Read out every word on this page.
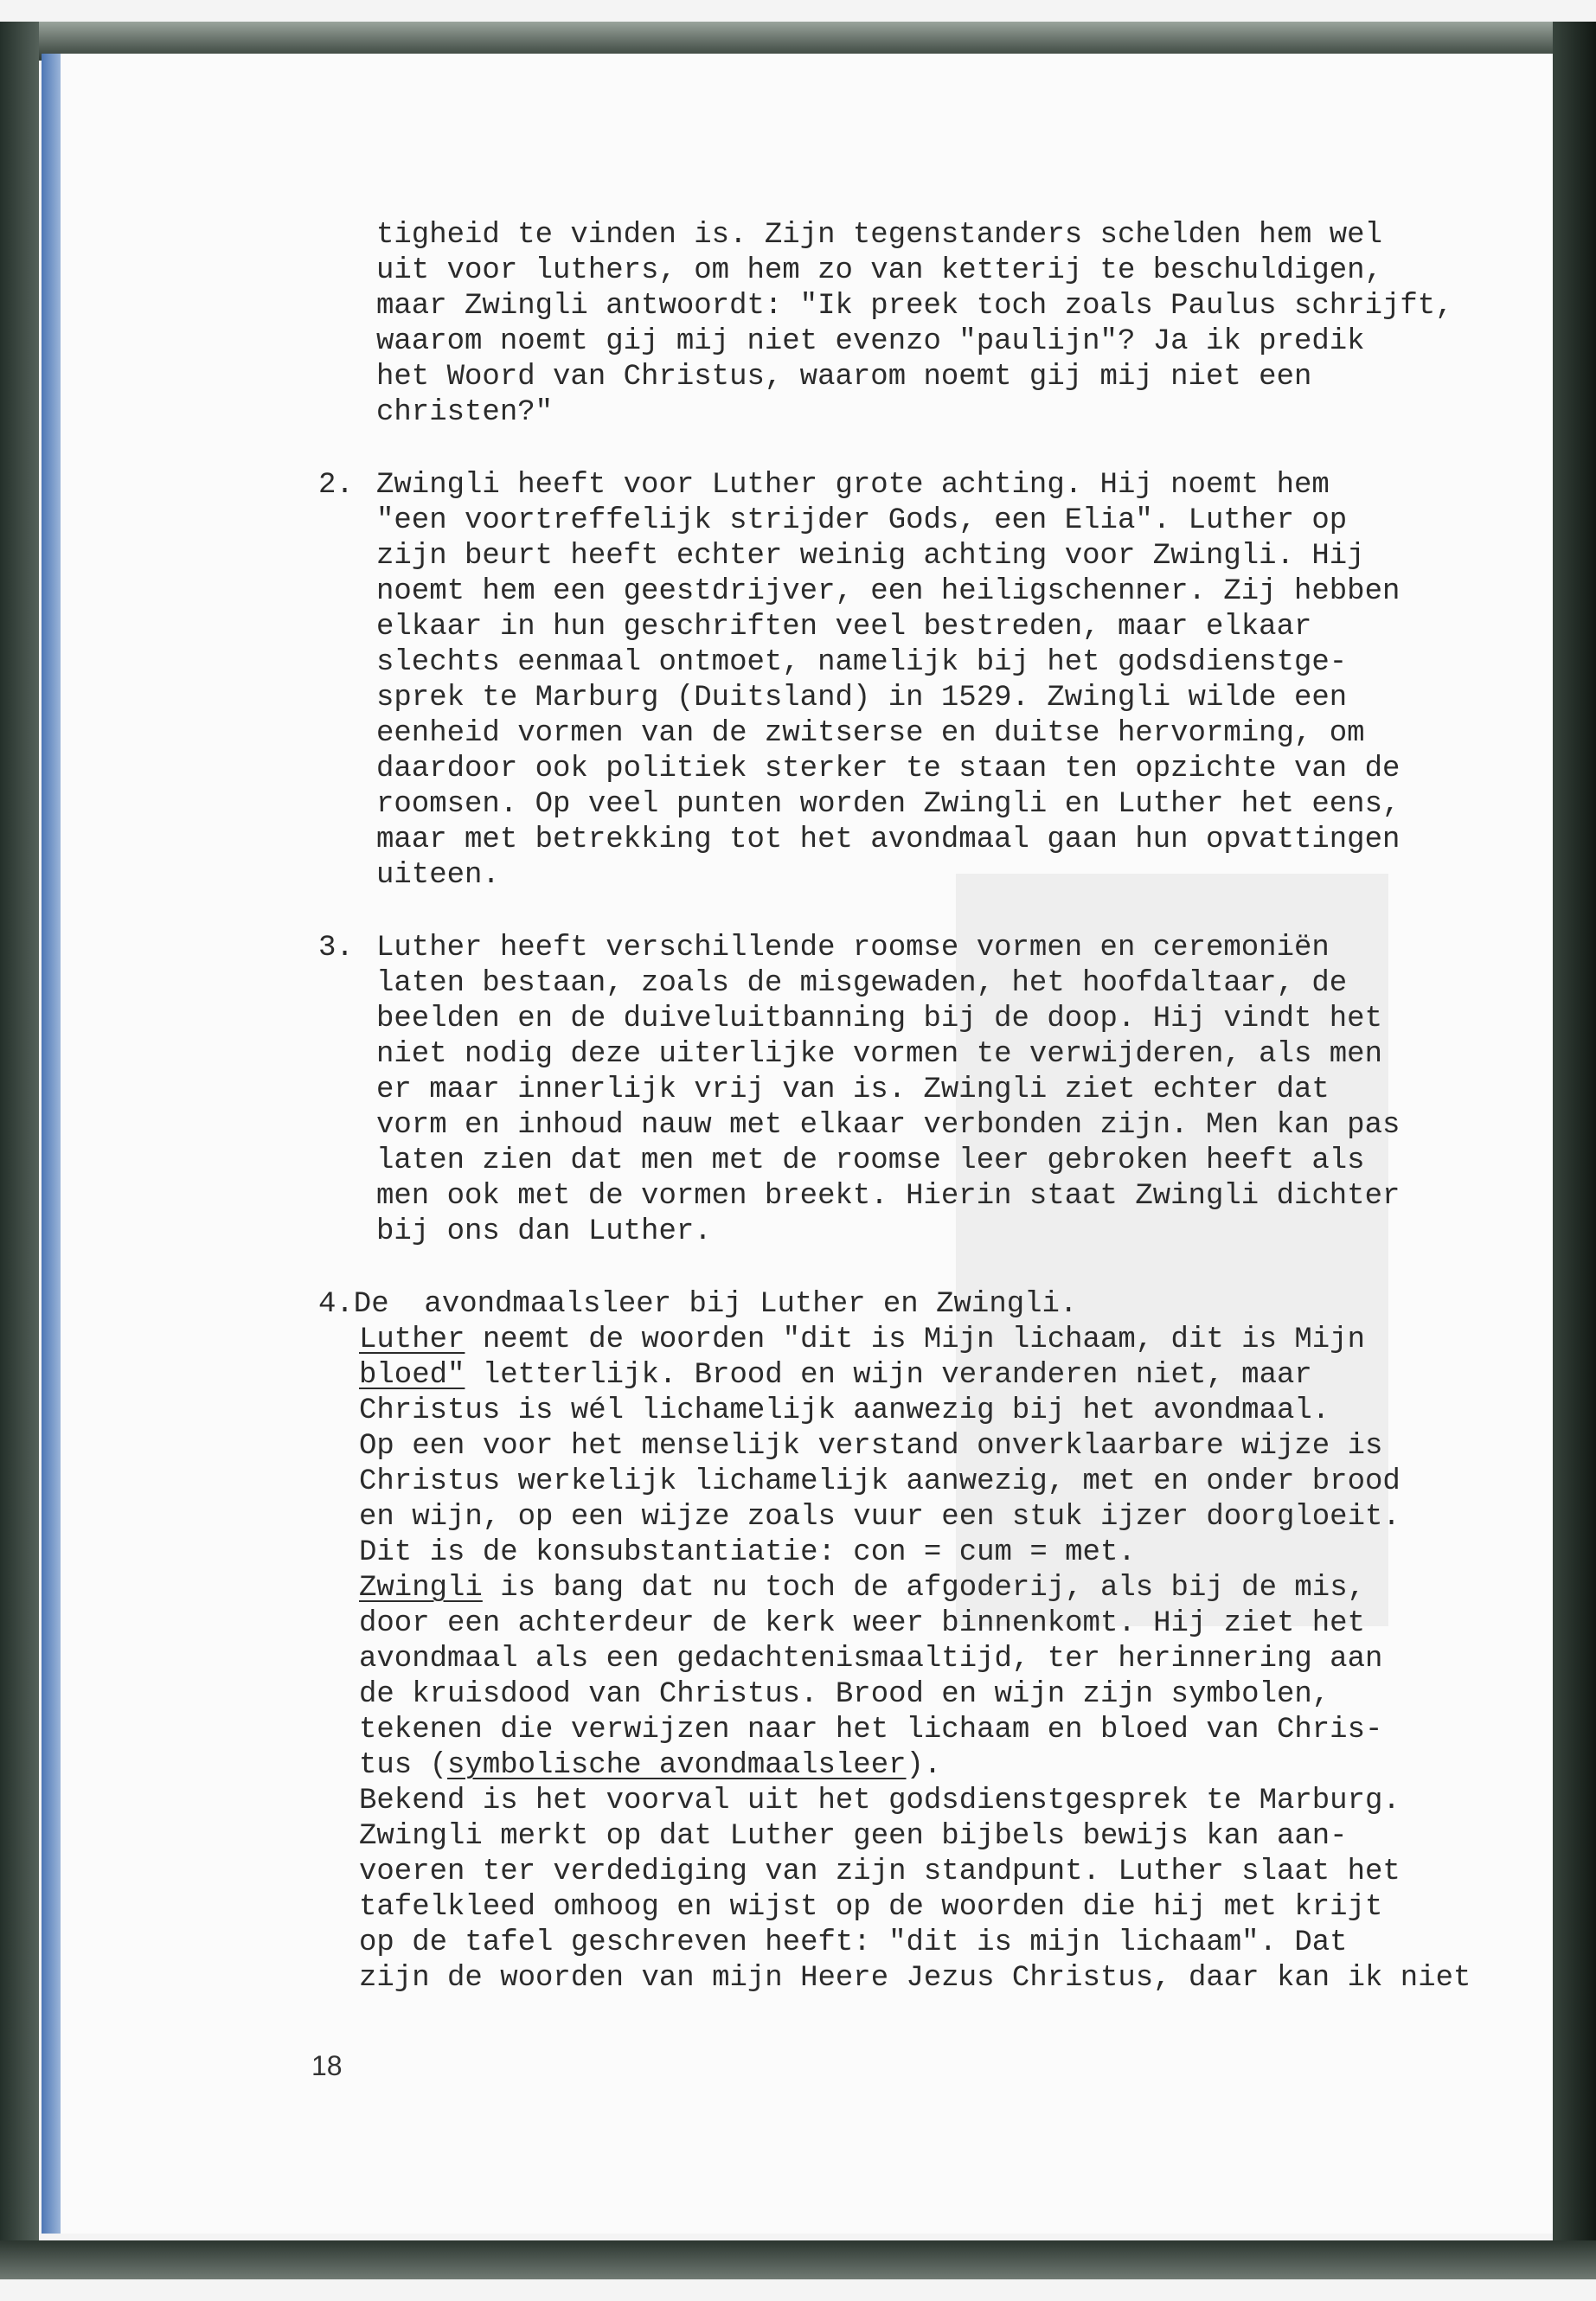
tigheid te vinden is. Zijn tegenstanders schelden hem wel

uit voor luthers, om hem zo van ketterij te beschuldigen,

maar Zwingli antwoordt: "Ik preek toch zoals Paulus schrijft,

waarom noemt gij mij niet evenzo "paulijn"? Ja ik predik

het Woord van Christus, waarom noemt gij mij niet een

christen?"

2. Zwingli heeft voor Luther grote achting. Hij noemt hem

"een voortreffelijk strijder Gods, een Elia". Luther op

zijn beurt heeft echter weinig achting voor Zwingli. Hij

noemt hem een geestdrijver, een heiligschenner. Zij hebben

elkaar in hun geschriften veel bestreden, maar elkaar

slechts eenmaal ontmoet, namelijk bij het godsdienstge-

sprek te Marburg (Duitsland) in 1529. Zwingli wilde een

eenheid vormen van de zwitserse en duitse hervorming, om

daardoor ook politiek sterker te staan ten opzichte van de

roomsen. Op veel punten worden Zwingli en Luther het eens,

maar met betrekking tot het avondmaal gaan hun opvattingen

uiteen.

3. Luther heeft verschillende roomse vormen en ceremoniën

laten bestaan, zoals de misgewaden, het hoofdaltaar, de

beelden en de duiveluitbanning bij de doop. Hij vindt het

niet nodig deze uiterlijke vormen te verwijderen, als men

er maar innerlijk vrij van is. Zwingli ziet echter dat

vorm en inhoud nauw met elkaar verbonden zijn. Men kan pas

laten zien dat men met de roomse leer gebroken heeft als

men ook met de vormen breekt. Hierin staat Zwingli dichter

bij ons dan Luther.

4.De  avondmaalsleer bij Luther en Zwingli.

Luther neemt de woorden "dit is Mijn lichaam, dit is Mijn

bloed" letterlijk. Brood en wijn veranderen niet, maar

Christus is wél lichamelijk aanwezig bij het avondmaal.

Op een voor het menselijk verstand onverklaarbare wijze is

Christus werkelijk lichamelijk aanwezig, met en onder brood

en wijn, op een wijze zoals vuur een stuk ijzer doorgloeit.

Dit is de konsubstantiatie: con = cum = met.

Zwingli is bang dat nu toch de afgoderij, als bij de mis,

door een achterdeur de kerk weer binnenkomt. Hij ziet het

avondmaal als een gedachtenismaaltijd, ter herinnering aan

de kruisdood van Christus. Brood en wijn zijn symbolen,

tekenen die verwijzen naar het lichaam en bloed van Chris-

tus (symbolische avondmaalsleer).

Bekend is het voorval uit het godsdienstgesprek te Marburg.

Zwingli merkt op dat Luther geen bijbels bewijs kan aan-

voeren ter verdediging van zijn standpunt. Luther slaat het

tafelkleed omhoog en wijst op de woorden die hij met krijt

op de tafel geschreven heeft: "dit is mijn lichaam". Dat

zijn de woorden van mijn Heere Jezus Christus, daar kan ik niet

18
